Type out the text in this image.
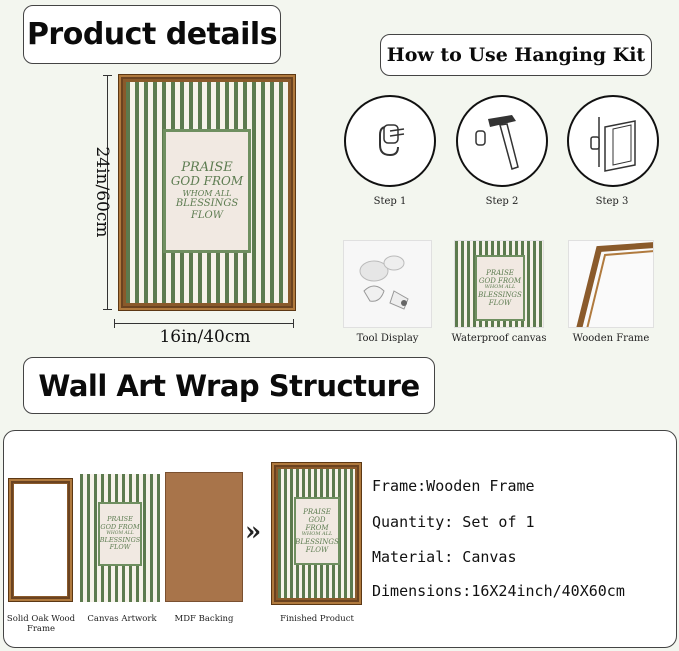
Product details
How to Use Hanging Kit
Wall Art Wrap Structure
PRAISE
GOD FROM
WHOM ALL
BLESSINGS
FLOW
24in/60cm
16in/40cm
Step 1	Step 2	Step 3
Tool Display
PRAISE
GOD FROM
WHOM ALL
BLESSINGS
FLOW
Waterproof canvas	Wooden Frame
Solid Oak Wood Frame
PRAISE
GOD FROM
WHOM ALL
BLESSINGS
FLOW
Canvas Artwork	MDF Backing
»
PRAISE
GOD FROM
WHOM ALL
BLESSINGS
FLOW
Finished Product
Frame:Wooden Frame
Quantity: Set of 1
Material: Canvas
Dimensions:16X24inch/40X60cm
